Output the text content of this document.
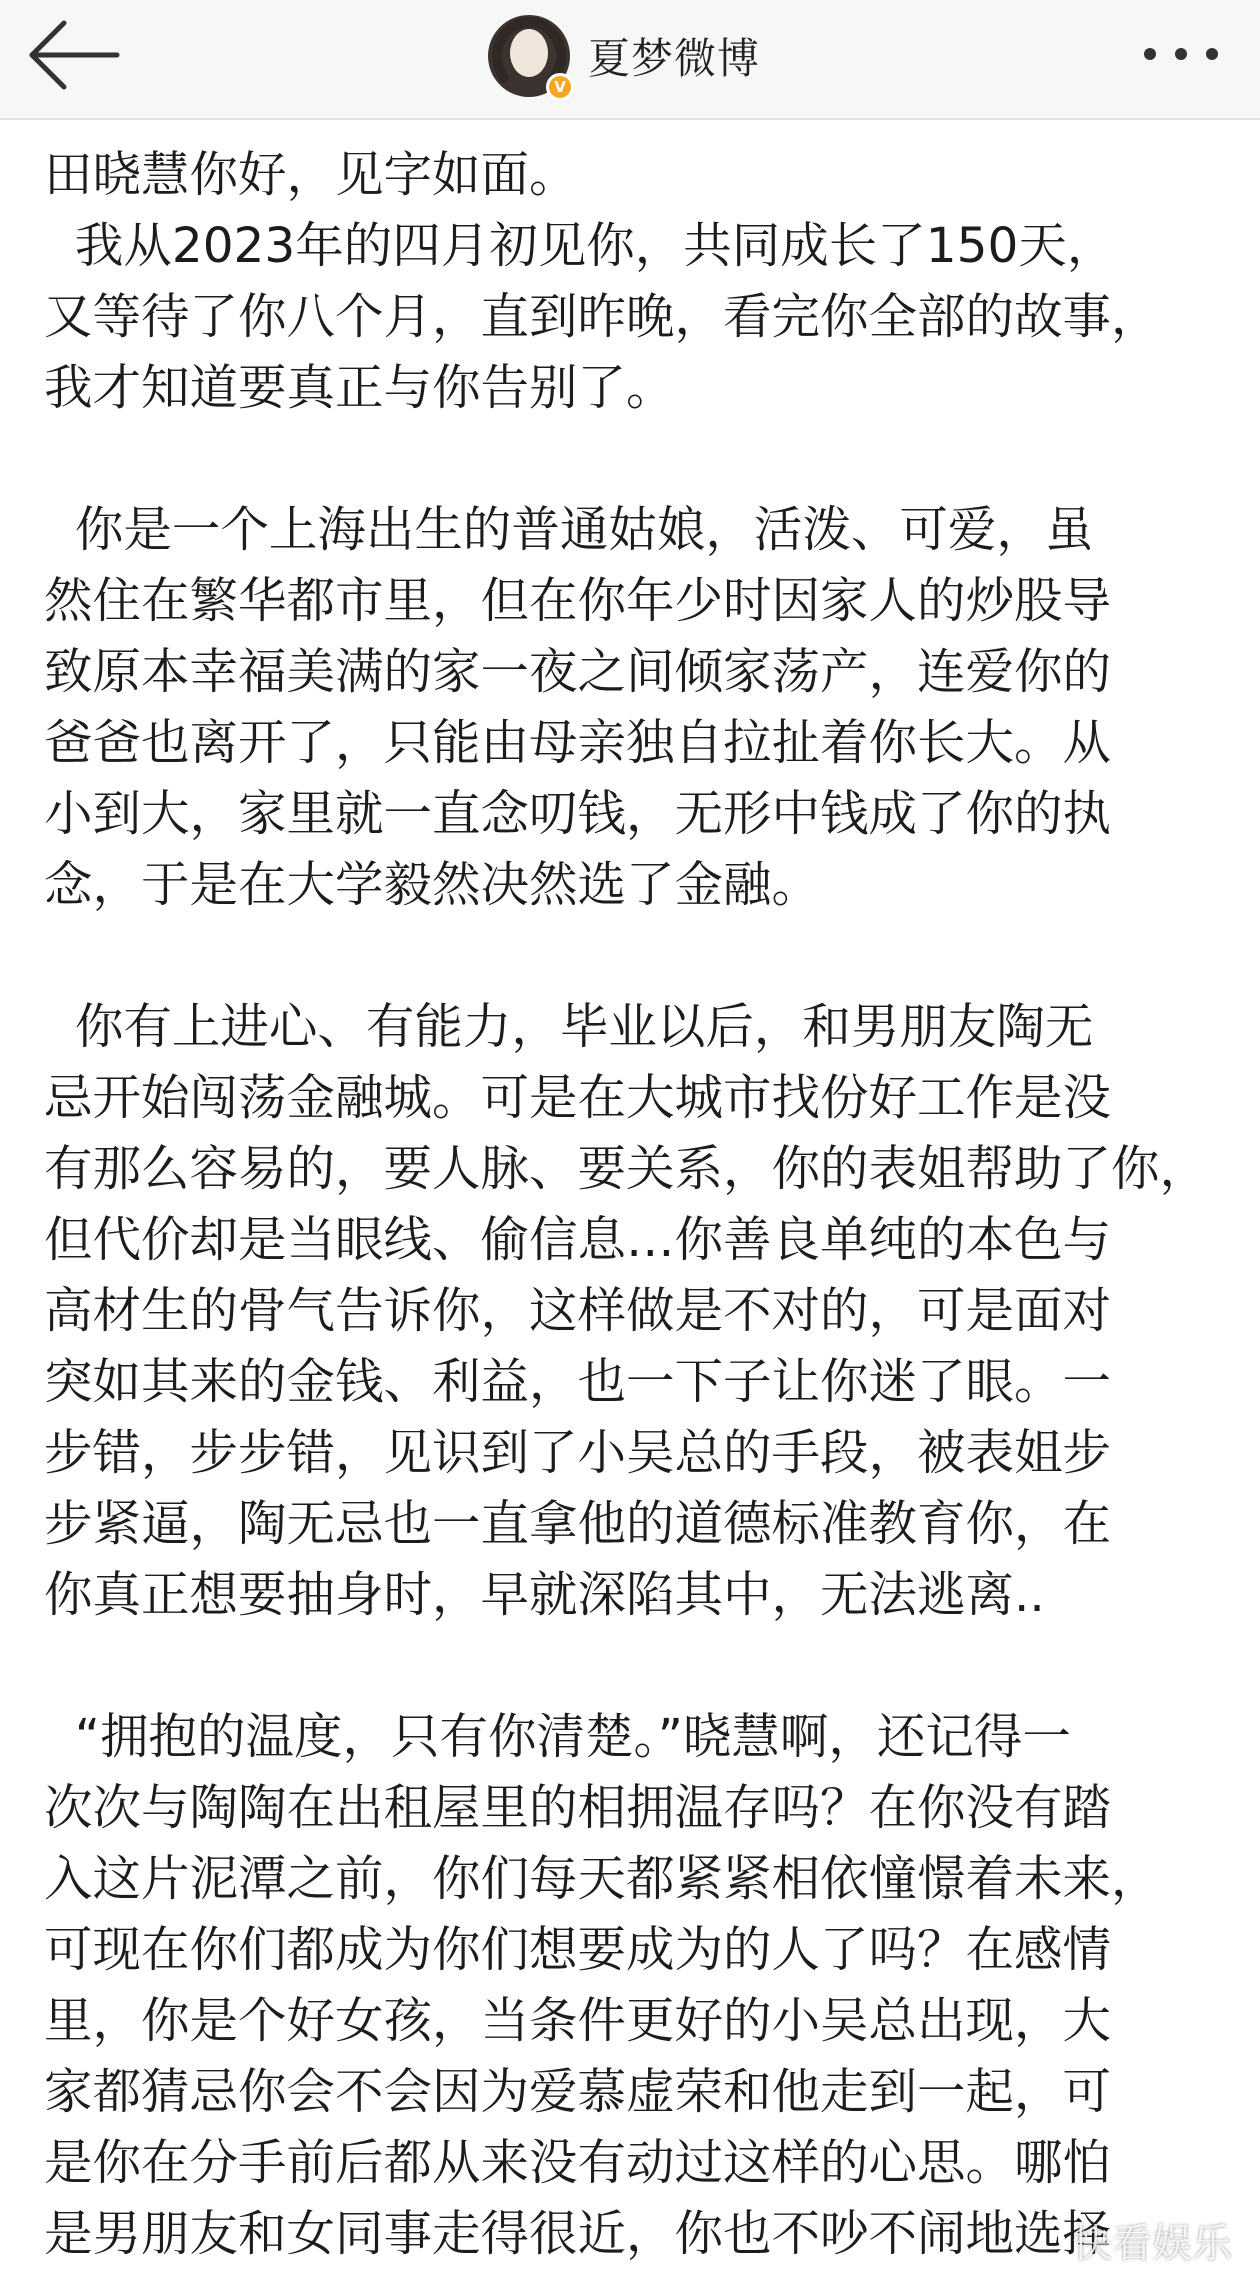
V
夏梦微博
田晓慧你好，见字如面。
我从2023年的四月初见你，共同成长了150天，
又等待了你八个月，直到昨晚，看完你全部的故事，
我才知道要真正与你告别了。
你是一个上海出生的普通姑娘，活泼、可爱，虽
然住在繁华都市里，但在你年少时因家人的炒股导
致原本幸福美满的家一夜之间倾家荡产，连爱你的
爸爸也离开了，只能由母亲独自拉扯着你长大。从
小到大，家里就一直念叨钱，无形中钱成了你的执
念，于是在大学毅然决然选了金融。
你有上进心、有能力，毕业以后，和男朋友陶无
忌开始闯荡金融城。可是在大城市找份好工作是没
有那么容易的，要人脉、要关系，你的表姐帮助了你，
但代价却是当眼线、偷信息…你善良单纯的本色与
高材生的骨气告诉你，这样做是不对的，可是面对
突如其来的金钱、利益，也一下子让你迷了眼。一
步错，步步错，见识到了小吴总的手段，被表姐步
步紧逼，陶无忌也一直拿他的道德标准教育你，在
你真正想要抽身时，早就深陷其中，无法逃离..
“拥抱的温度，只有你清楚。”晓慧啊，还记得一
次次与陶陶在出租屋里的相拥温存吗？在你没有踏
入这片泥潭之前，你们每天都紧紧相依憧憬着未来，
可现在你们都成为你们想要成为的人了吗？在感情
里，你是个好女孩，当条件更好的小吴总出现，大
家都猜忌你会不会因为爱慕虚荣和他走到一起，可
是你在分手前后都从来没有动过这样的心思。哪怕
是男朋友和女同事走得很近，你也不吵不闹地选择
快看娱乐
